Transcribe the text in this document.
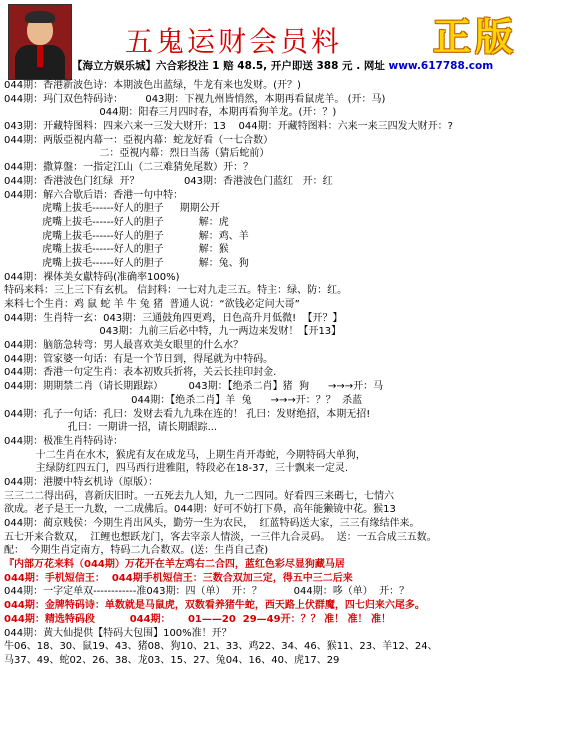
五鬼运财会员料 正版
【海立方娱乐城】六合彩投注 1 赔 48.5, 开户即送 388 元 . 网址 www.617788.com
044期：香港新波色诗：本期波色出蓝绿，牛龙有来也发财。(开？)
044期：玛门双色特码诗：       043期：下视九州皆悄然，本期再看鼠虎羊。 (开：马)
044期：阳春三月四时春，本期再看狗羊龙。(开：？)
043期：开藏特图料：四来六来一三发大财开：13    044期：开藏特图料：六来一来三四发大财开：?
044期：两版亞視内幕一：亞視内幕：蛇龙好看（一七合数）
二：亞視内幕：烈日当荡（猜后蛇前）
044期：撒算盤：一指定江山（二三难猜免尾数）开：？
044期：香港波色门红绿  开？              043期：香港波色门蓝红   开：红
044期：解六合歇后语：香港一句中特：
虎嘴上拔毛------好人的胆子     期期公开
虎嘴上拔毛------好人的胆子           解：虎
虎嘴上拔毛------好人的胆子           解：鸡、羊
虎嘴上拔毛------好人的胆子           解：猴
虎嘴上拔毛------好人的胆子           解：兔、狗
044期：裸体美女獻特码(准确率100%)
特码来料：三上三下有玄机。 信封料：一七对九走三五。特主：绿、防：红。
来料七个生肖：鸡 鼠 蛇 羊 牛 兔 猪  普通人说：“欲钱必定问大哥”
044期：生肖特一玄：043期：三通鼓角四更鸡，日色高升月低微!  【开？】
043期：九前三后必中特，九一两边来发财！【开13】
044期：脑筋急转弯：男人最喜欢美女眼里的什么水？
044期：管家婆一句话：有是一个节日到，得尾就为中特码。
044期：香港一句定生肖：表本初败兵折将，关云长挂印封金.
044期：期期禁二肖（请长期跟踪）        043期：【绝杀二肖】猪  狗      →→→开：马
044期：【绝杀二肖】羊  兔      →→→开：？？  杀蓝
044期：孔子一句话：孔曰：发财去看九九珠在连的！ 孔曰：发财绝招，本期无招!
孔曰：一期讲一招，请长期跟踪...
044期：极准生肖特码诗：
十二生肖在水木，猴虎有友在成龙马，上期生肖开毒蛇，今期特码大单狗，
主绿防红四五门，四马西行进雅阻，特段必在18-37，三十飘来一定灵.
044期：港腰中特玄机诗（原版）：
三三二二得出码，喜新庆旧时。一五死去九人知，九一二四同。好看四三来碼七，七情六
欲成。老子是王一九数，一二成佛后。044期：好可不妨打下鼻，高年能獭镜中花。猴13
044期：蔺京贱侯：今期生肖出风头，勤劳一生为农民，  红蓝特码送大家，三三有缘结伴来。
五七开来合数双，  江鲤也想跃龙门，客去宰亲人情淡，一三伴九合灵码。  送：一五合成三五数。
配：  今期生肖定南方，特码二九合数双。(送：生肖自己查)
『内部万花来料（044期）万花开在羊左鸡右二合四，蓝红色彩尽显狗藏马居
044期：手机短信王：  044期手机短信王：三数合双加三定，得五中三二后来
044期：一字定单双------------准043期：四（单）  开：？          044期：哆（单）  开：？
044期：金牌特码诗：单数就是马鼠虎，双数看养猪牛蛇，西天路上伏群魔，四七归来六尾多。
044期：精选特码段          044期：     01——20  29—49开：？？ 准！ 准！ 准！
044期：黄大仙提供【特码大包围】100%准！开？
牛06、18、30、鼠19、43、猪08、狗10、21、33、鸡22、34、46、猴11、23、羊12、24、
马37、49、蛇02、26、38、龙03、15、27、兔04、16、40、虎17、29
